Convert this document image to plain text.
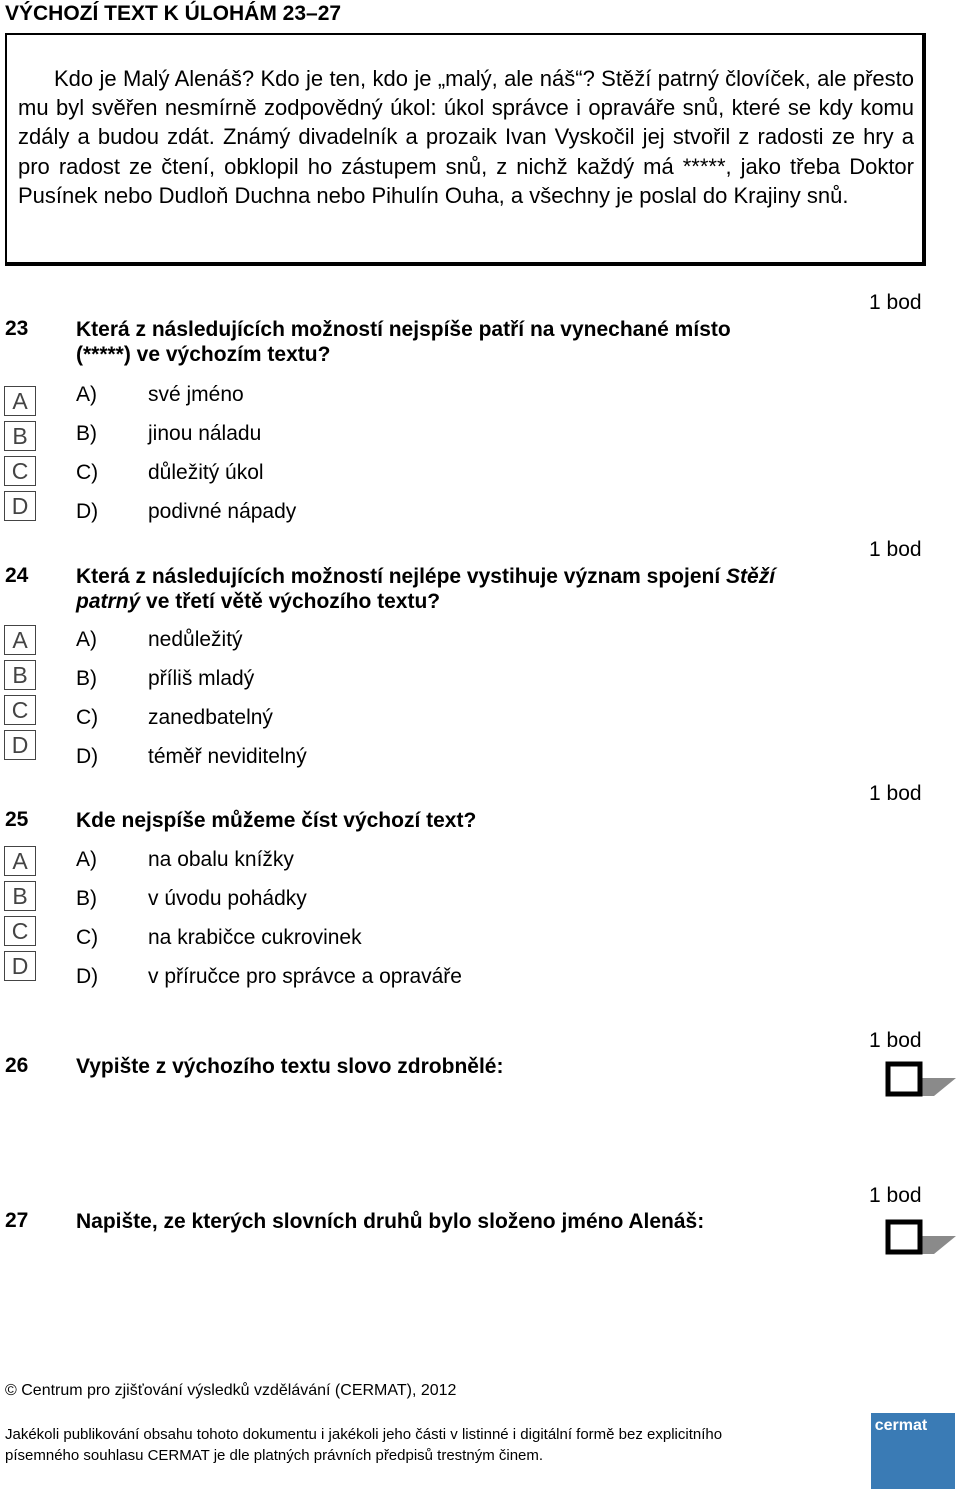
VÝCHOZÍ TEXT K ÚLOHÁM 23–27

Kdo je Malý Alenáš? Kdo je ten, kdo je „malý, ale náš“? Stěží patrný človíček, ale přesto mu byl svěřen nesmírně zodpovědný úkol: úkol správce i opraváře snů, které se kdy komu zdály a budou zdát. Známý divadelník a prozaik Ivan Vyskočil jej stvořil z radosti ze hry a pro radost ze čtení, obklopil ho zástupem snů, z nichž každý má *****, jako třeba Doktor Pusínek nebo Dudloň Duchna nebo Pihulín Ouha, a všechny je poslal do Krajiny snů.

1 bod
23 Která z následujících možností nejspíše patří na vynechané místo (*****) ve výchozím textu?
A
B
C
D
A) své jméno
B) jinou náladu
C) důležitý úkol
D) podivné nápady
1 bod
24 Která z následujících možností nejlépe vystihuje význam spojení Stěží patrný ve třetí větě výchozího textu?
A
B
C
D
A) nedůležitý
B) příliš mladý
C) zanedbatelný
D) téměř neviditelný
1 bod
25 Kde nejspíše můžeme číst výchozí text?
A
B
C
D
A) na obalu knížky
B) v úvodu pohádky
C) na krabičce cukrovinek
D) v příručce pro správce a opraváře
1 bod
26 Vypište z výchozího textu slovo zdrobnělé:
1 bod
27 Napište, ze kterých slovních druhů bylo složeno jméno Alenáš:
© Centrum pro zjišťování výsledků vzdělávání (CERMAT), 2012
Jakékoli publikování obsahu tohoto dokumentu i jakékoli jeho části v listinné i digitální formě bez explicitního písemného souhlasu CERMAT je dle platných právních předpisů trestným činem.
cermat
